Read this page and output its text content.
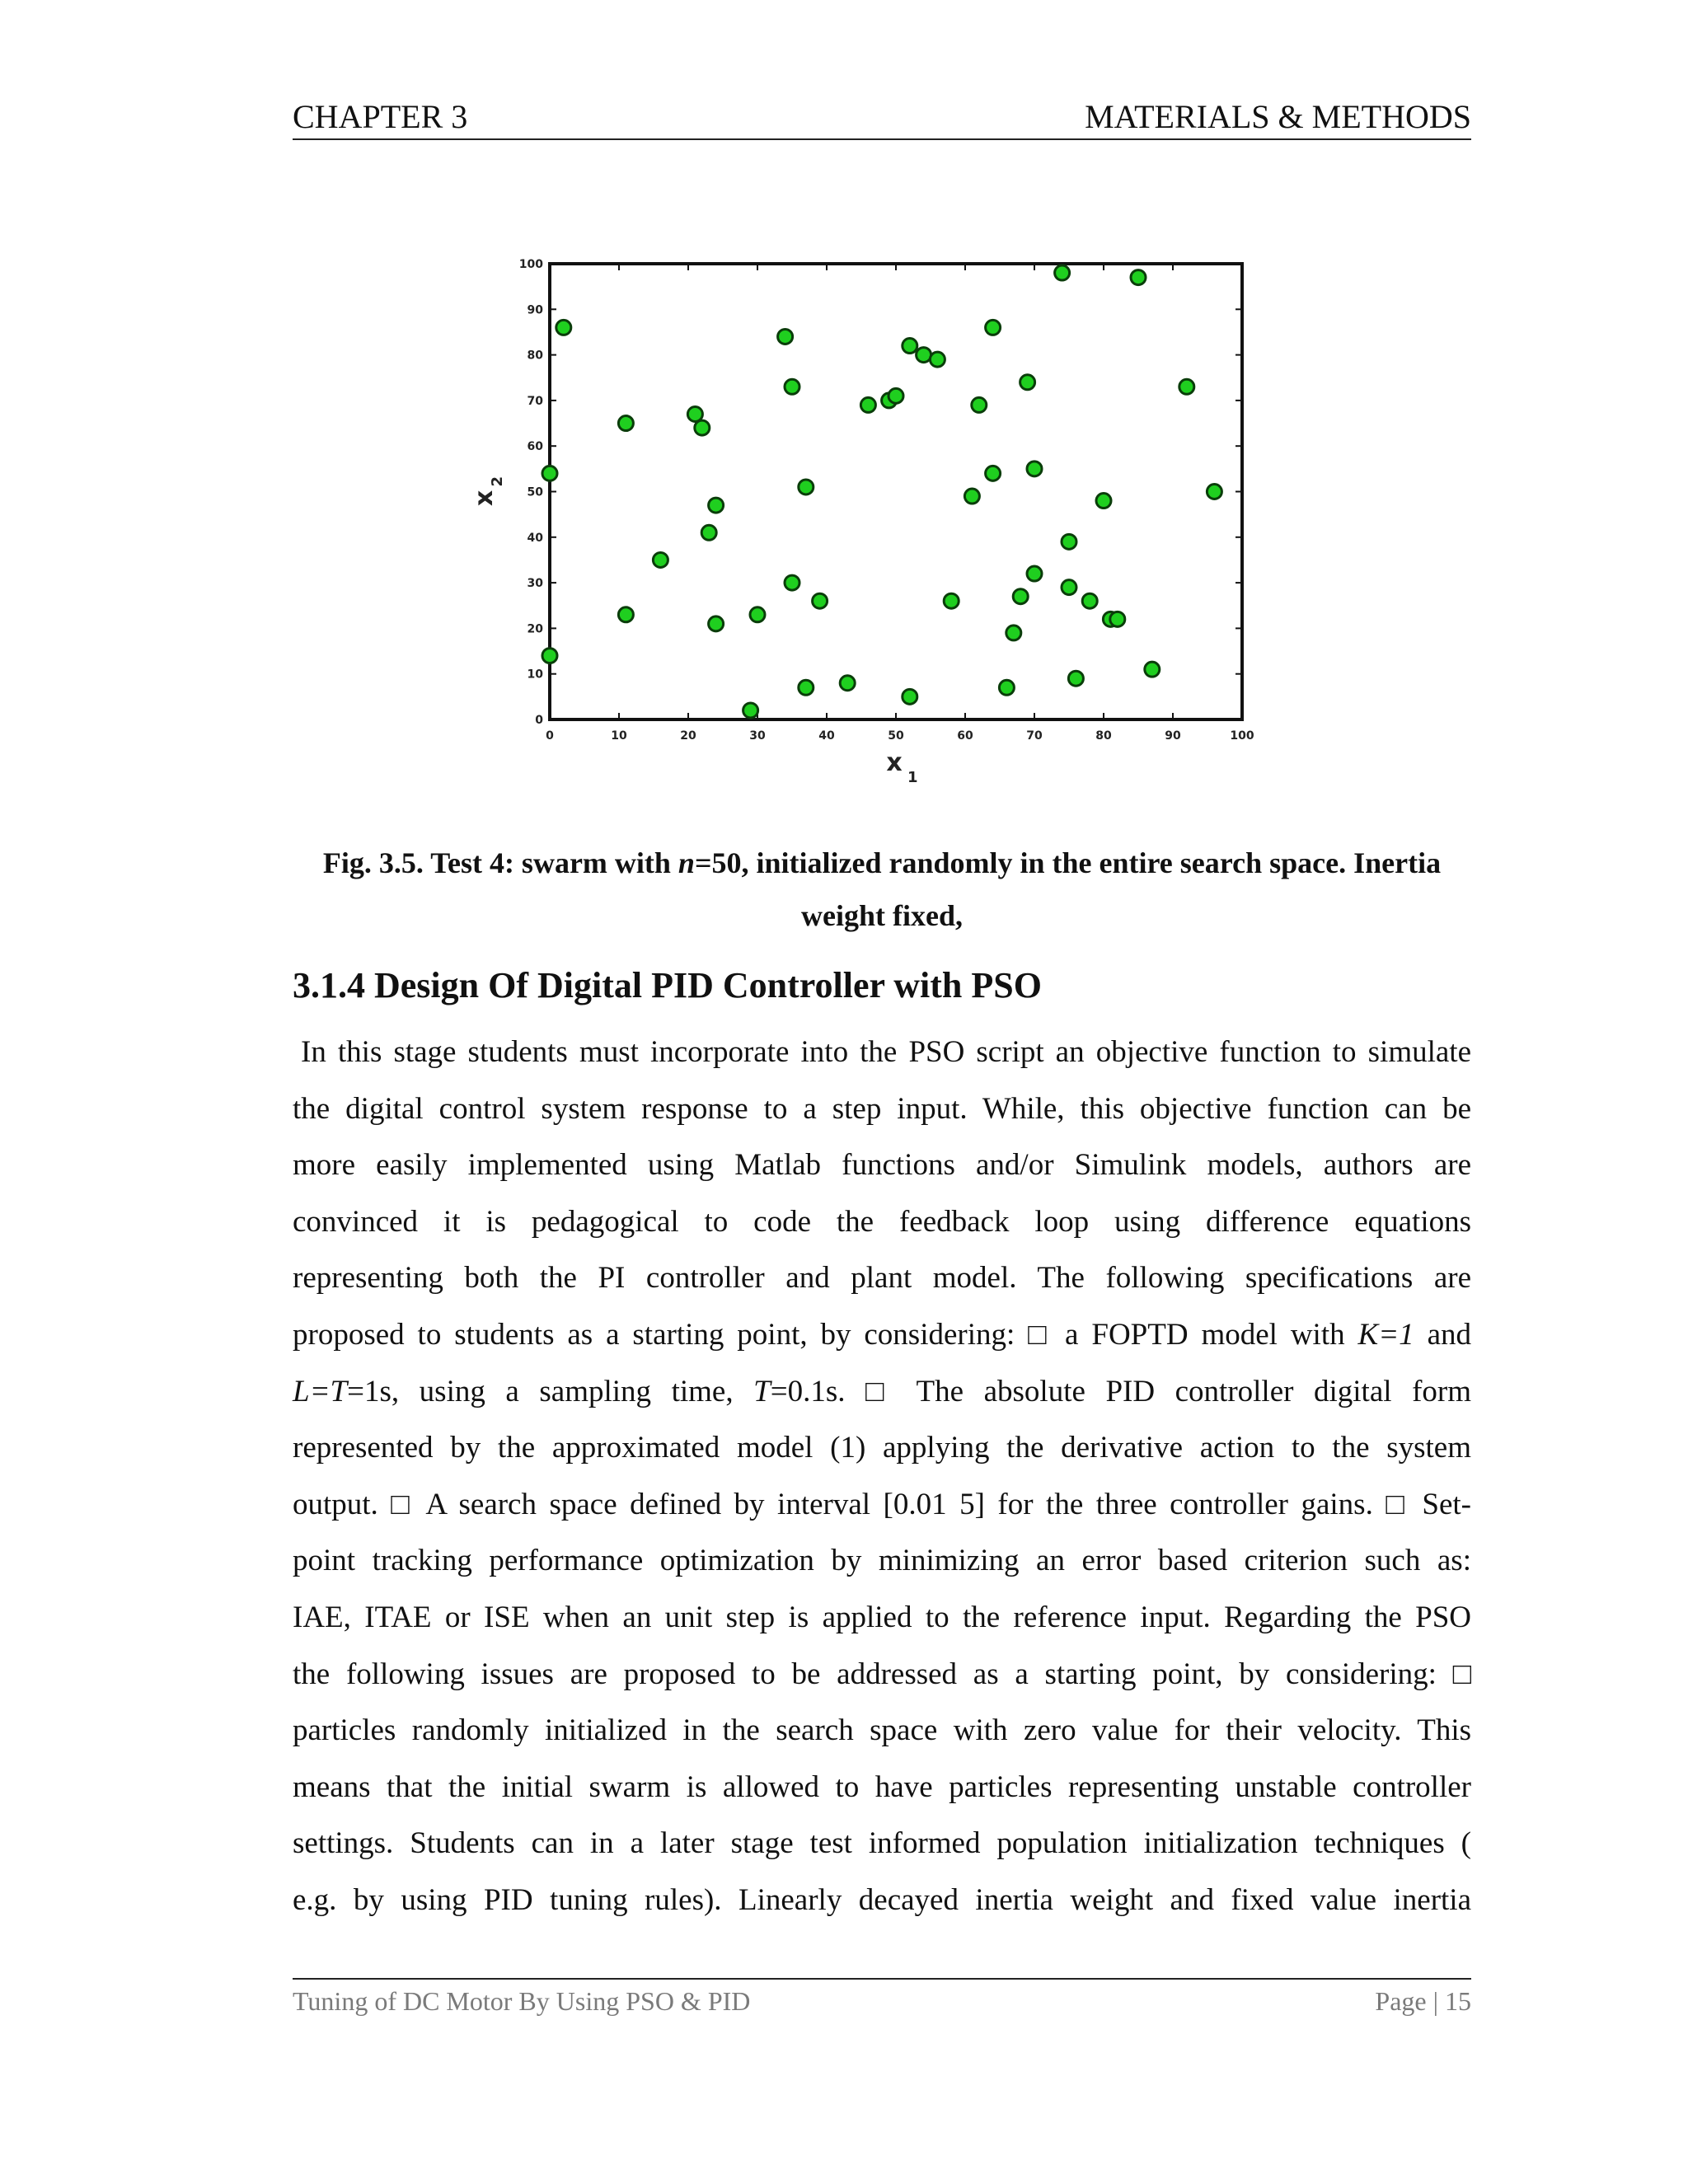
CHAPTER 3	MATERIALS & METHODS
0	10	20	30	40	50	60	70	80	90	100
0
10
20
30
40
50
60
70
80
90
100
x
1
x
2
Fig. 3.5. Test 4: swarm with n=50, initialized randomly in the entire search space. Inertia
weight fixed,
3.1.4 Design Of Digital PID Controller with PSO
In this stage students must incorporate into the PSO script an objective function to simulate
the digital control system response to a step input. While, this objective function can be
more easily implemented using Matlab functions and/or Simulink models, authors are
convinced it is pedagogical to code the feedback loop using difference equations
representing both the PI controller and plant model. The following specifications are
proposed to students as a starting point, by considering: □ a FOPTD model with K=1 and
L=T=1s, using a sampling time, T=0.1s. □ The absolute PID controller digital form
represented by the approximated model (1) applying the derivative action to the system
output. □ A search space defined by interval [0.01 5] for the three controller gains. □ Set-
point tracking performance optimization by minimizing an error based criterion such as:
IAE, ITAE or ISE when an unit step is applied to the reference input. Regarding the PSO
the following issues are proposed to be addressed as a starting point, by considering: □
particles randomly initialized in the search space with zero value for their velocity. This
means that the initial swarm is allowed to have particles representing unstable controller
settings. Students can in a later stage test informed population initialization techniques (
e.g. by using PID tuning rules). Linearly decayed inertia weight and fixed value inertia
Tuning of DC Motor By Using PSO & PID	Page | 15
